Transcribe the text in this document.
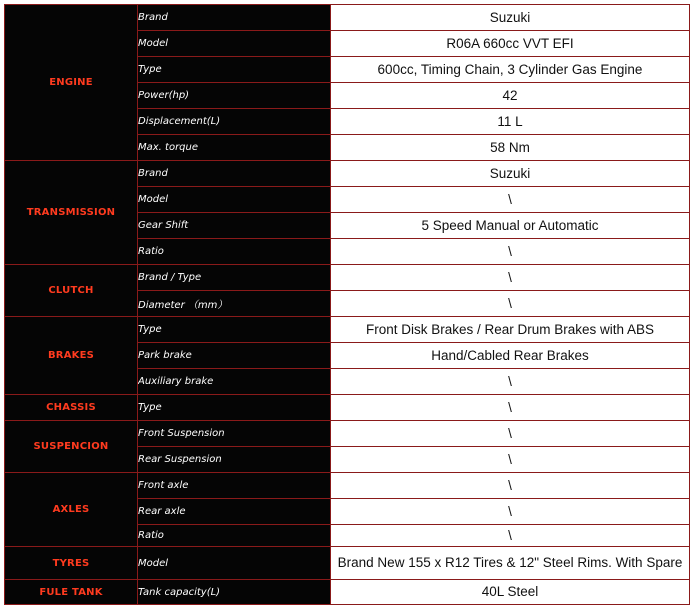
ENGINE	Brand	Suzuki
	Model	R06A 660cc VVT EFI
	Type	600cc, Timing Chain, 3 Cylinder Gas Engine
	Power(hp)	42
	Displacement(L)	11 L
	Max. torque	58 Nm
TRANSMISSION	Brand	Suzuki
	Model	\
	Gear Shift	5 Speed Manual or Automatic
	Ratio	\
CLUTCH	Brand / Type	\
	Diameter （mm）	\
BRAKES	Type	Front Disk Brakes / Rear Drum Brakes with ABS
	Park brake	Hand/Cabled Rear Brakes
	Auxiliary brake	\
CHASSIS	Type	\
SUSPENCION	Front Suspension	\
	Rear Suspension	\
AXLES	Front axle	\
	Rear axle	\
	Ratio	\
TYRES	Model	Brand New 155 x R12 Tires & 12" Steel Rims. With Spare
FULE TANK	Tank capacity(L)	40L Steel
